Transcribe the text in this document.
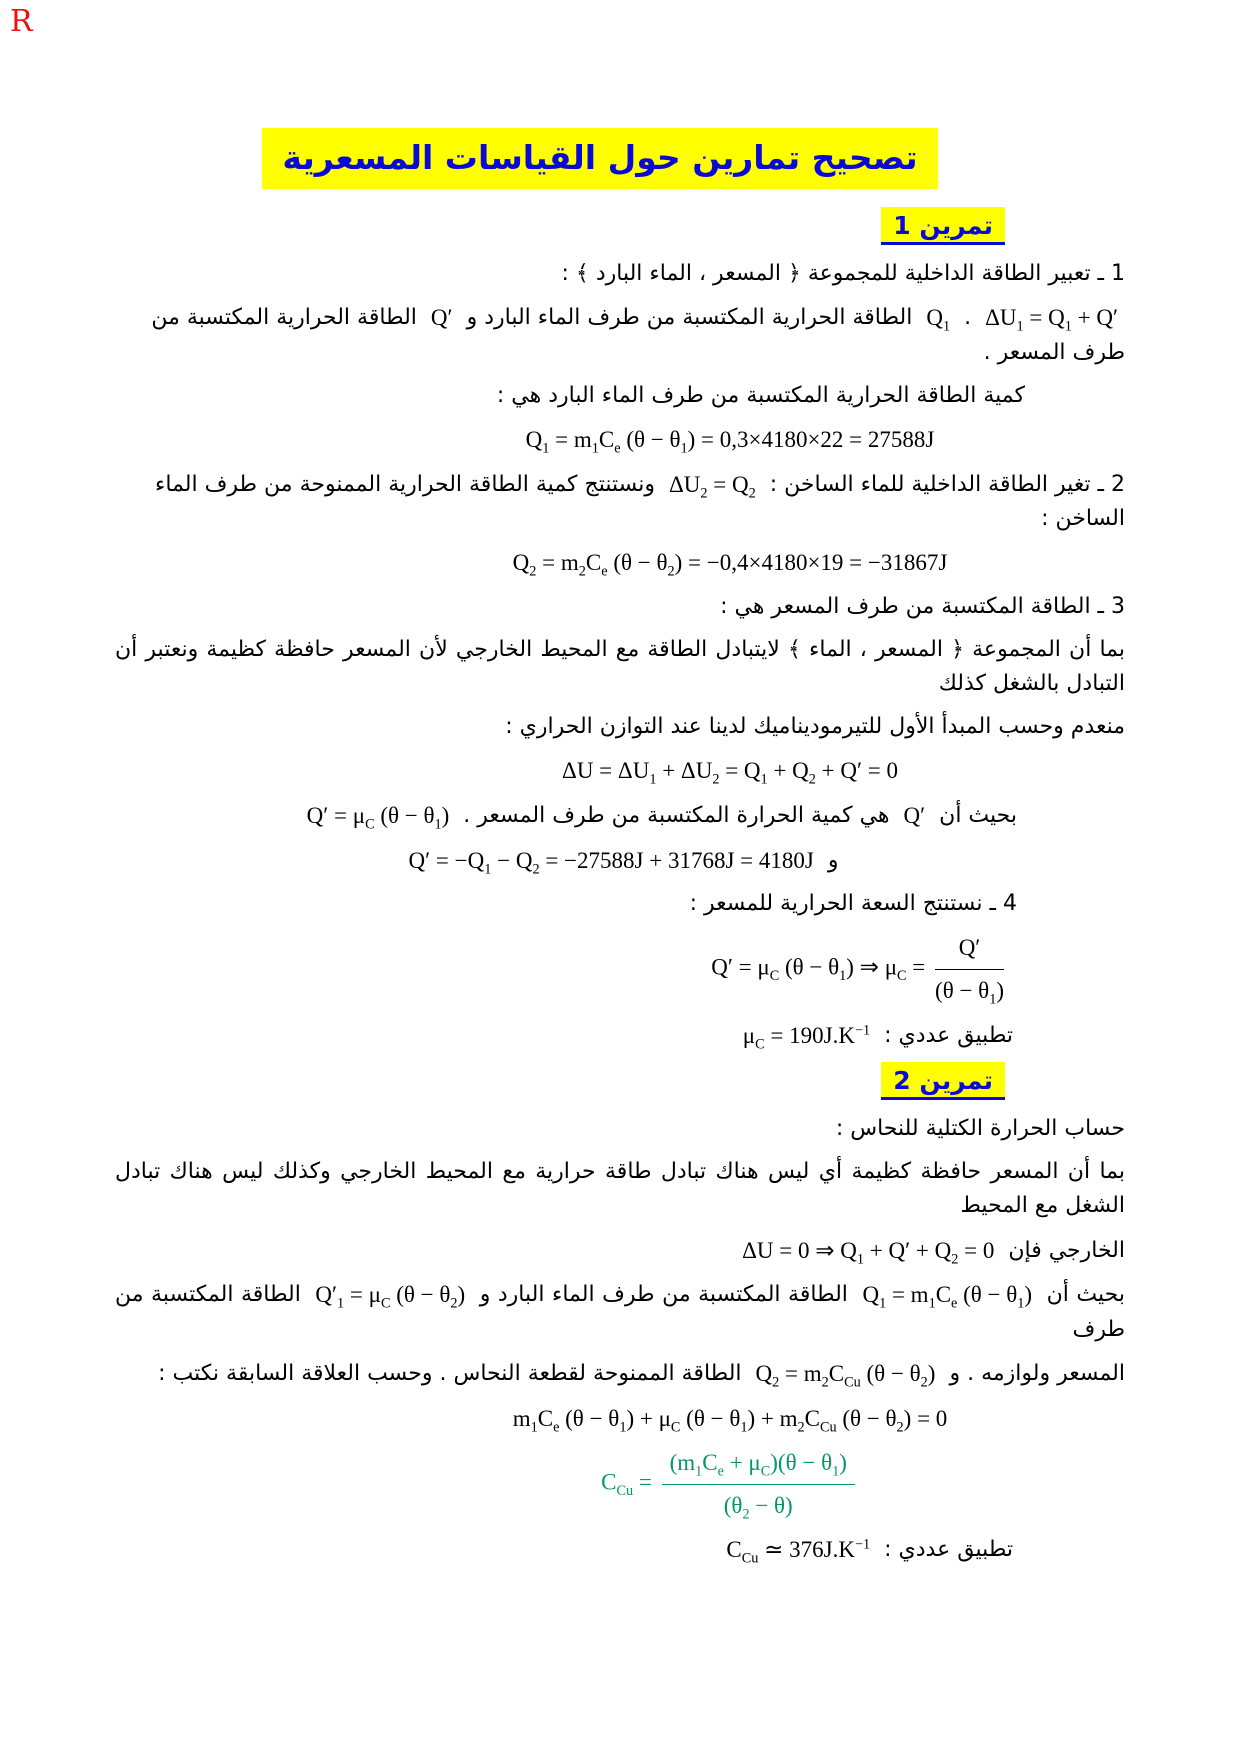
R
تصحيح تمارين حول القياسات المسعرية
تمرين 1
1 ـ تعبير الطاقة الداخلية للمجموعة ﴿ المسعر ، الماء البارد ﴾ :
$\Delta U_1 = Q_1 + Q'$ . $Q_1$ الطاقة الحرارية المكتسبة من طرف الماء البارد و Q′ الطاقة الحرارية المكتسبة من طرف المسعر .
كمية الطاقة الحرارية المكتسبة من طرف الماء البارد هي :
$Q_1 = m_1C_e$ $(\theta - \theta_1) = 0,3\times 4180\times 22 = 27588J$
2 ـ تغير الطاقة الداخلية للماء الساخن : $\Delta U_2 = Q_2$ ونستنتج كمية الطاقة الحرارية الممنوحة من طرف الماء الساخن :
$Q_2 = m_2C_e$ $(\theta - \theta_2) = -0,4\times 4180\times 19 = -31867J$
3 ـ الطاقة المكتسبة من طرف المسعر هي :
بما أن المجموعة ﴿ المسعر ، الماء ﴾ لايتبادل الطاقة مع المحيط الخارجي لأن المسعر حافظة كظيمة ونعتبر أن التبادل بالشغل كذلك
منعدم وحسب المبدأ الأول للتيرموديناميك لدينا عند التوازن الحراري :
$\Delta U = \Delta U_1 + \Delta U_2 = Q_1 + Q_2 + Q' = 0$
بحيث أن Q′ هي كمية الحرارة المكتسبة من طرف المسعر . $Q' = \mu_C$ $(\theta - \theta_1)$
و $Q' = -Q_1 - Q_2 = -27588J + 31768J = 4180J$
4 ـ نستنتج السعة الحرارية للمسعر :
$Q' = \mu_C$ $(\theta - \theta_1)$ ⇒ $\mu_C = \frac{Q'}{(\theta - \theta_1)}$
تطبيق عددي : $\mu_C = 190J.K^{-1}$
تمرين 2
حساب الحرارة الكتلية للنحاس :
بما أن المسعر حافظة كظيمة أي ليس هناك تبادل طاقة حرارية مع المحيط الخارجي وكذلك ليس هناك تبادل الشغل مع المحيط
الخارجي فإن ΔU = 0 ⇒ $Q_1 + Q' + Q_2 = 0$
بحيث أن $Q_1 = m_1C_e$ $(\theta - \theta_1)$ الطاقة المكتسبة من طرف الماء البارد و $Q'_1 = \mu_C$ $(\theta - \theta_2)$ الطاقة المكتسبة من طرف
المسعر ولوازمه . و $Q_2 = m_2C_{Cu}$ $(\theta - \theta_2)$ الطاقة الممنوحة لقطعة النحاس . وحسب العلاقة السابقة نكتب :
$m_1C_e$ $(\theta - \theta_1) + \mu_C$ $(\theta - \theta_1) + m_2C_{Cu}$ $(\theta - \theta_2) = 0$
$C_{Cu} = \frac{(m_1C_e + \mu_C)(\theta - \theta_1)}{(\theta_2 - \theta)}$
تطبيق عددي : $C_{Cu}$ ≃ $376J.K^{-1}$
